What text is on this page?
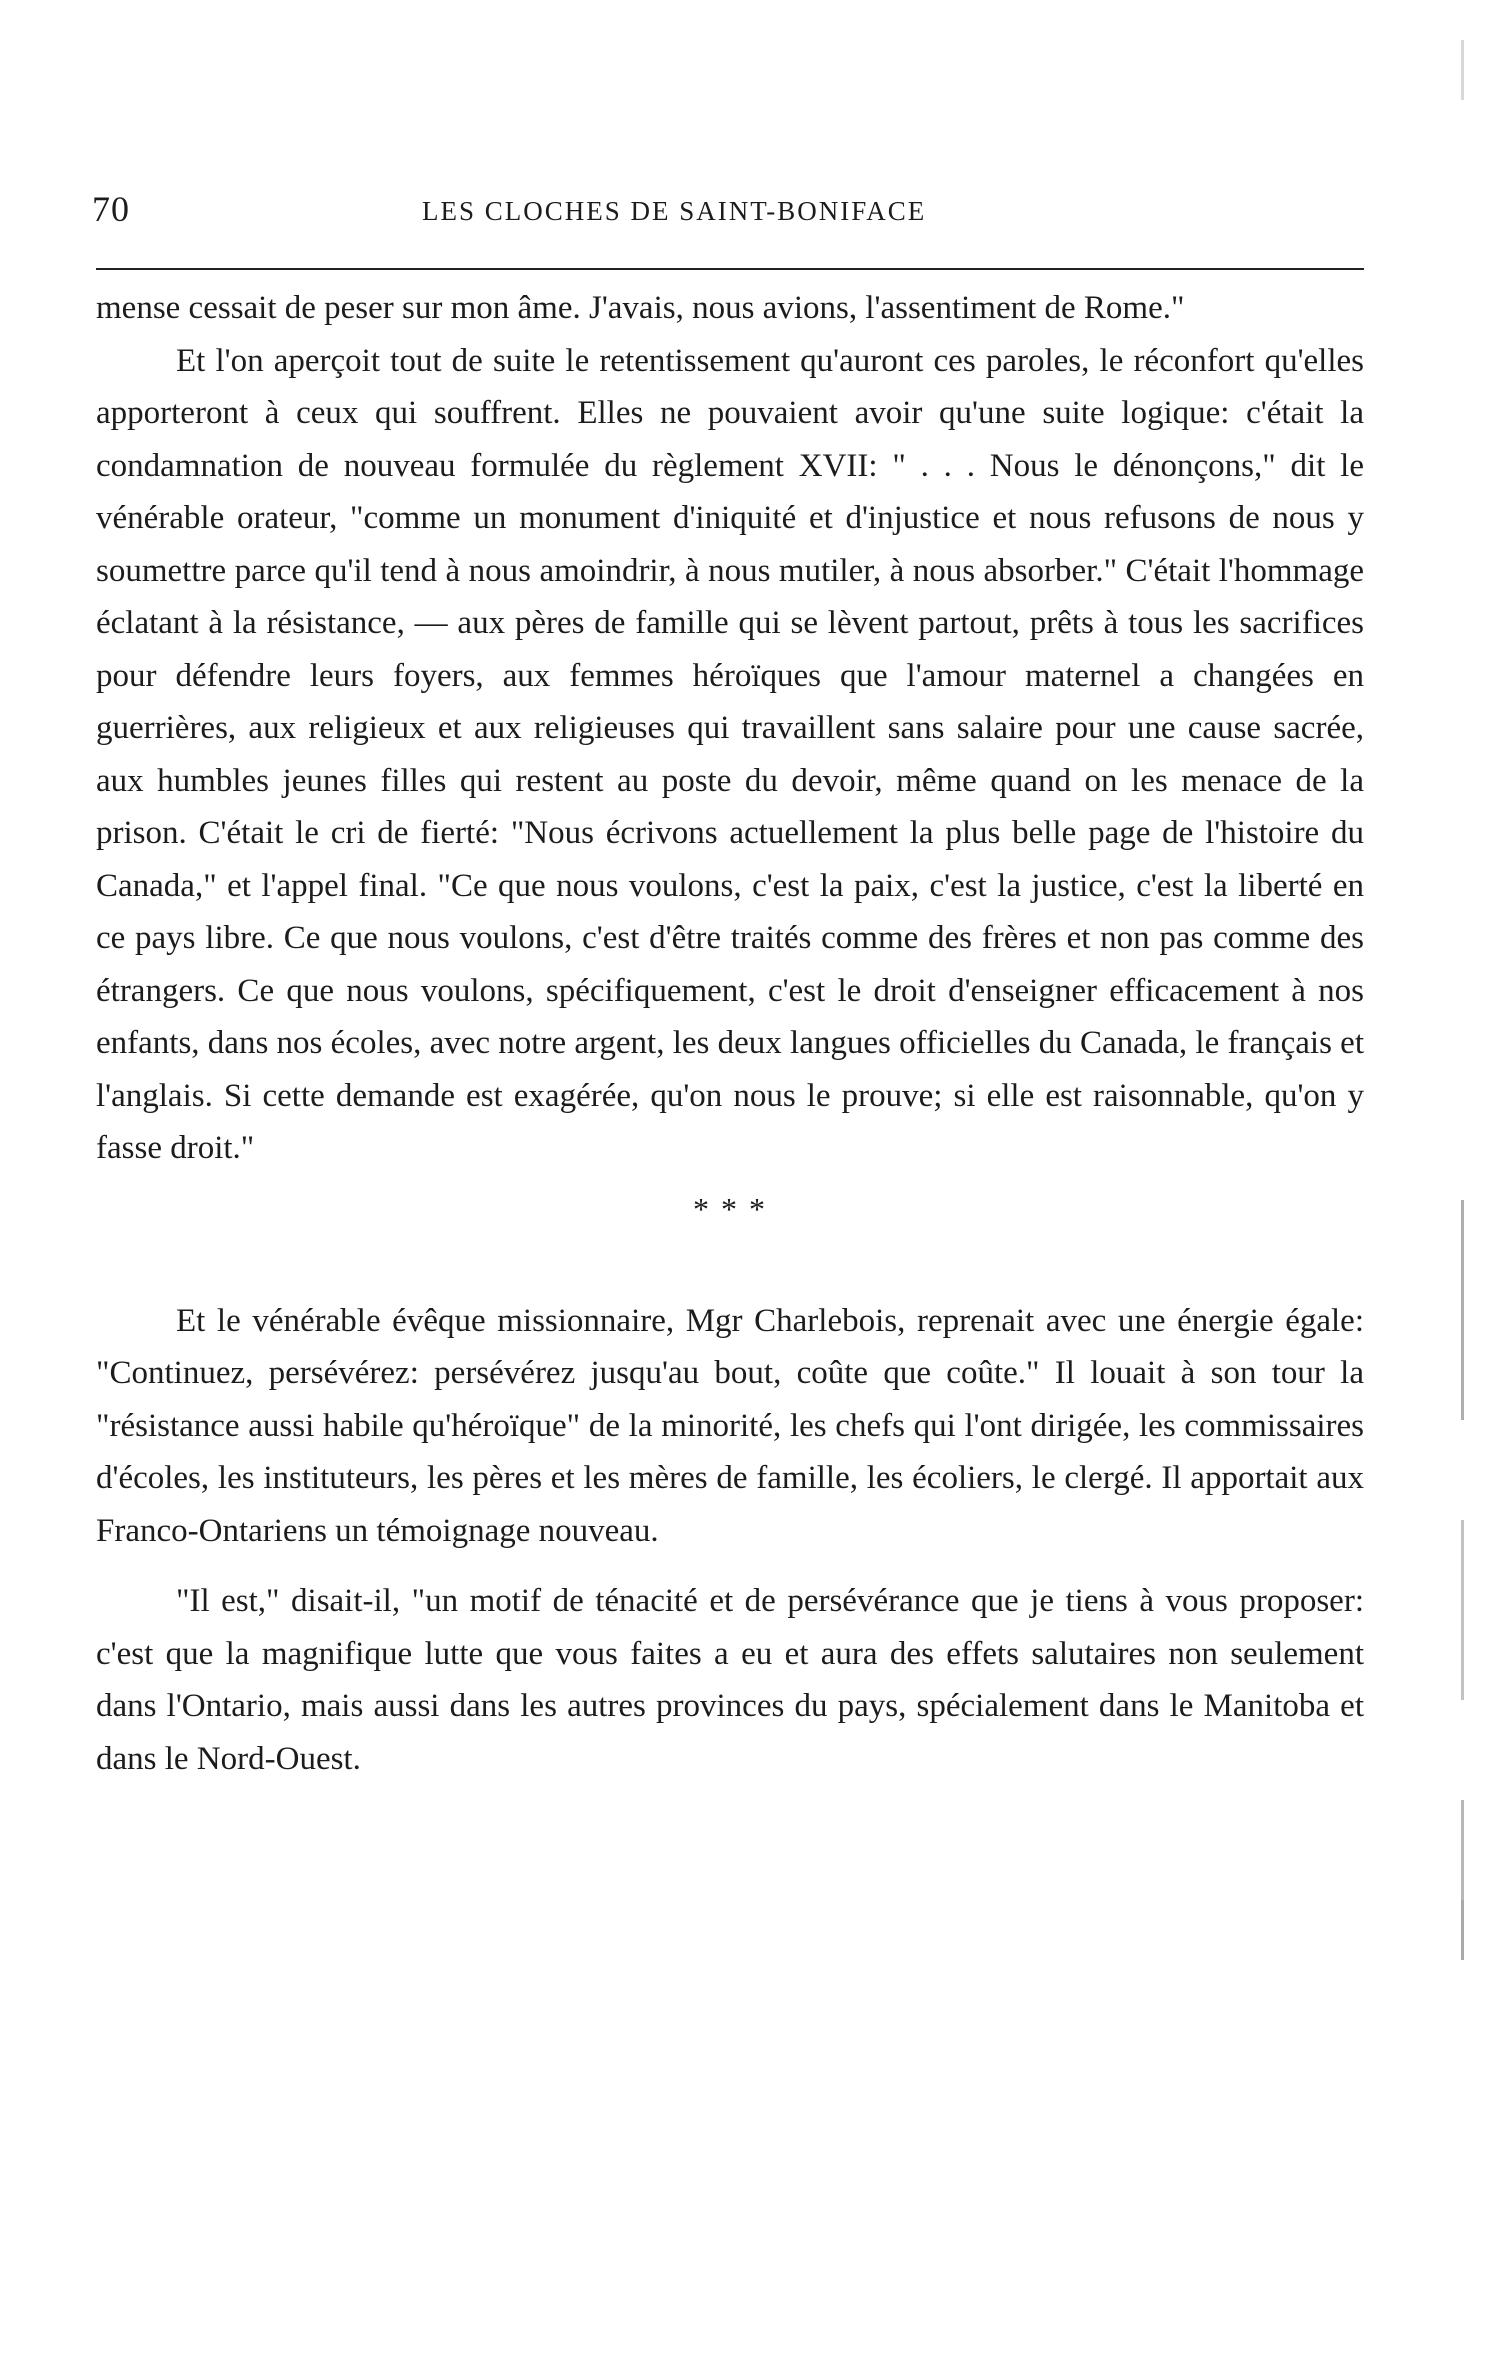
70	LES CLOCHES DE SAINT-BONIFACE

mense cessait de peser sur mon âme. J'avais, nous avions, l'assentiment de Rome."

Et l'on aperçoit tout de suite le retentissement qu'auront ces paroles, le réconfort qu'elles apporteront à ceux qui souffrent. Elles ne pouvaient avoir qu'une suite logique: c'était la condamnation de nouveau formulée du règlement XVII: " . . . Nous le dénonçons," dit le vénérable orateur, "comme un monument d'iniquité et d'injustice et nous refusons de nous y soumettre parce qu'il tend à nous amoindrir, à nous mutiler, à nous absorber." C'était l'hommage éclatant à la résistance, — aux pères de famille qui se lèvent partout, prêts à tous les sacrifices pour défendre leurs foyers, aux femmes héroïques que l'amour maternel a changées en guerrières, aux religieux et aux religieuses qui travaillent sans salaire pour une cause sacrée, aux humbles jeunes filles qui restent au poste du devoir, même quand on les menace de la prison. C'était le cri de fierté: "Nous écrivons actuellement la plus belle page de l'histoire du Canada," et l'appel final. "Ce que nous voulons, c'est la paix, c'est la justice, c'est la liberté en ce pays libre. Ce que nous voulons, c'est d'être traités comme des frères et non pas comme des étrangers. Ce que nous voulons, spécifiquement, c'est le droit d'enseigner efficacement à nos enfants, dans nos écoles, avec notre argent, les deux langues officielles du Canada, le français et l'anglais. Si cette demande est exagérée, qu'on nous le prouve; si elle est raisonnable, qu'on y fasse droit."

* * *

Et le vénérable évêque missionnaire, Mgr Charlebois, reprenait avec une énergie égale: "Continuez, persévérez: persévérez jusqu'au bout, coûte que coûte." Il louait à son tour la "résistance aussi habile qu'héroïque" de la minorité, les chefs qui l'ont dirigée, les commissaires d'écoles, les instituteurs, les pères et les mères de famille, les écoliers, le clergé. Il apportait aux Franco-Ontariens un témoignage nouveau.

"Il est," disait-il, "un motif de ténacité et de persévérance que je tiens à vous proposer: c'est que la magnifique lutte que vous faites a eu et aura des effets salutaires non seulement dans l'Ontario, mais aussi dans les autres provinces du pays, spécialement dans le Manitoba et dans le Nord-Ouest.
